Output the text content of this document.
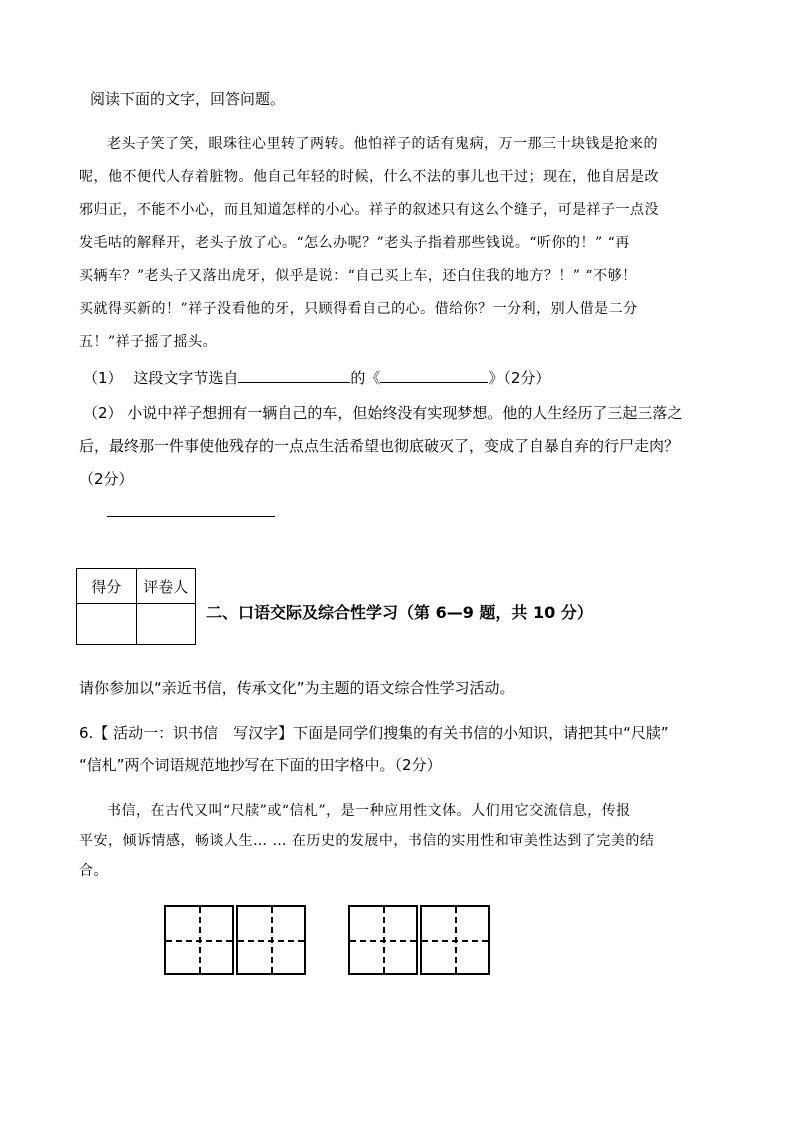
阅读下面的文字，回答问题。
老头子笑了笑，眼珠往心里转了两转。他怕祥子的话有鬼病，万一那三十块钱是抢来的
呢，他不便代人存着脏物。他自己年轻的时候，什么不法的事儿也干过；现在，他自居是改
邪归正，不能不小心，而且知道怎样的小心。祥子的叙述只有这么个缝子，可是祥子一点没
发毛咕的解释开，老头子放了心。“怎么办呢？”老头子指着那些钱说。“听你的！” “再
买辆车？”老头子又落出虎牙，似乎是说：“自己买上车，还白住我的地方？！” “不够！
买就得买新的！”祥子没看他的牙，只顾得看自己的心。借给你？一分利，别人借是二分
五！”祥子摇了摇头。
（1） 这段文字节选自	的《	》（2分）
（2） 小说中祥子想拥有一辆自己的车，但始终没有实现梦想。他的人生经历了三起三落之
后，最终那一件事使他残存的一点点生活希望也彻底破灭了，变成了自暴自弃的行尸走肉？
（2分）
得分	评卷人

二、口语交际及综合性学习（第 6—9 题，共 10 分）
请你参加以“亲近书信，传承文化”为主题的语文综合性学习活动。
6.【 活动一：识书信　写汉字】下面是同学们搜集的有关书信的小知识，请把其中“尺牍”
“信札”两个词语规范地抄写在下面的田字格中。（2分）
书信，在古代又叫“尺牍”或“信札”，是一种应用性文体。人们用它交流信息，传报
平安，倾诉情感，畅谈人生… … 在历史的发展中，书信的实用性和审美性达到了完美的结
合。
